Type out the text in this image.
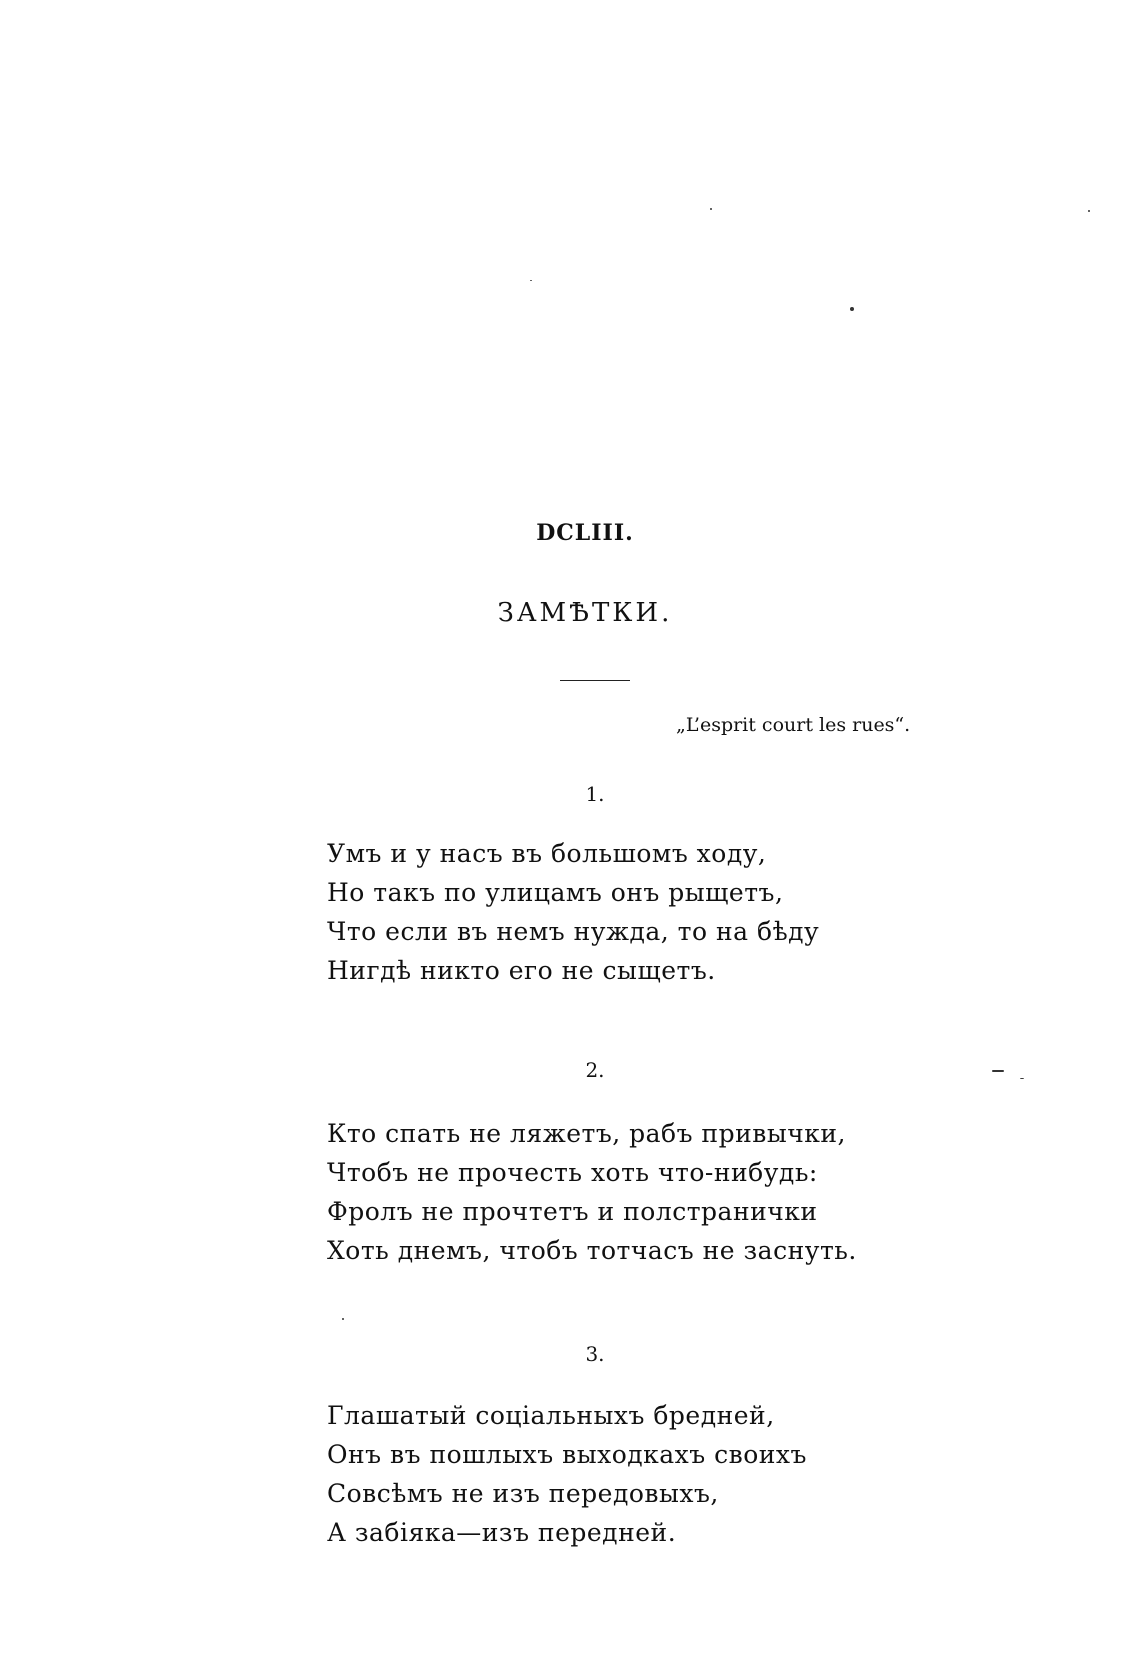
DCLIII.
ЗАМѢТКИ.
„L’esprit court les rues“.
1.
Умъ и у насъ въ большомъ ходу,
Но такъ по улицамъ онъ рыщетъ,
Что если въ немъ нужда, то на бѣду
Нигдѣ никто его не сыщетъ.
2.
Кто спать не ляжетъ, рабъ привычки,
Чтобъ не прочесть хоть что-нибудь:
Фролъ не прочтетъ и полстранички
Хоть днемъ, чтобъ тотчасъ не заснуть.
3.
Глашатый соціальныхъ бредней,
Онъ въ пошлыхъ выходкахъ своихъ
Совсѣмъ не изъ передовыхъ,
А забіяка—изъ передней.
